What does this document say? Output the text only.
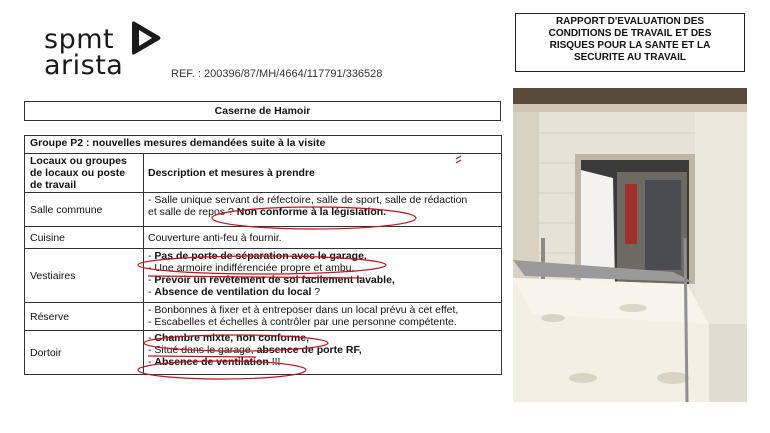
spmt
arista	REF. : 200396/87/MH/4664/117791/336528
RAPPORT D'EVALUATION DES
CONDITIONS DE TRAVAIL ET DES
RISQUES POUR LA SANTE ET LA
SECURITE AU TRAVAIL
Caserne de Hamoir
Groupe P2 : nouvelles mesures demandées suite à la visite	
Locaux ou groupes de locaux ou poste de travail	Description et mesures à prendre
Salle commune	- Salle unique servant de réfectoire, salle de sport, salle de rédaction
et salle de repos ? Non conforme à la législation.

Cuisine	Couverture anti-feu à fournir.

Vestiaires	- Pas de porte de séparation avec le garage,
- Une armoire indifférenciée propre et ambu,
- Prévoir un revêtement de sol facilement lavable,
- Absence de ventilation du local ?

Réserve	- Bonbonnes à fixer et à entreposer dans un local prévu à cet effet,
- Escabelles et échelles à contrôler par une personne compétente.

Dortoir	- Chambre mixte, non conforme,
- Situé dans le garage, absence de porte RF,
- Absence de ventilation !!!
